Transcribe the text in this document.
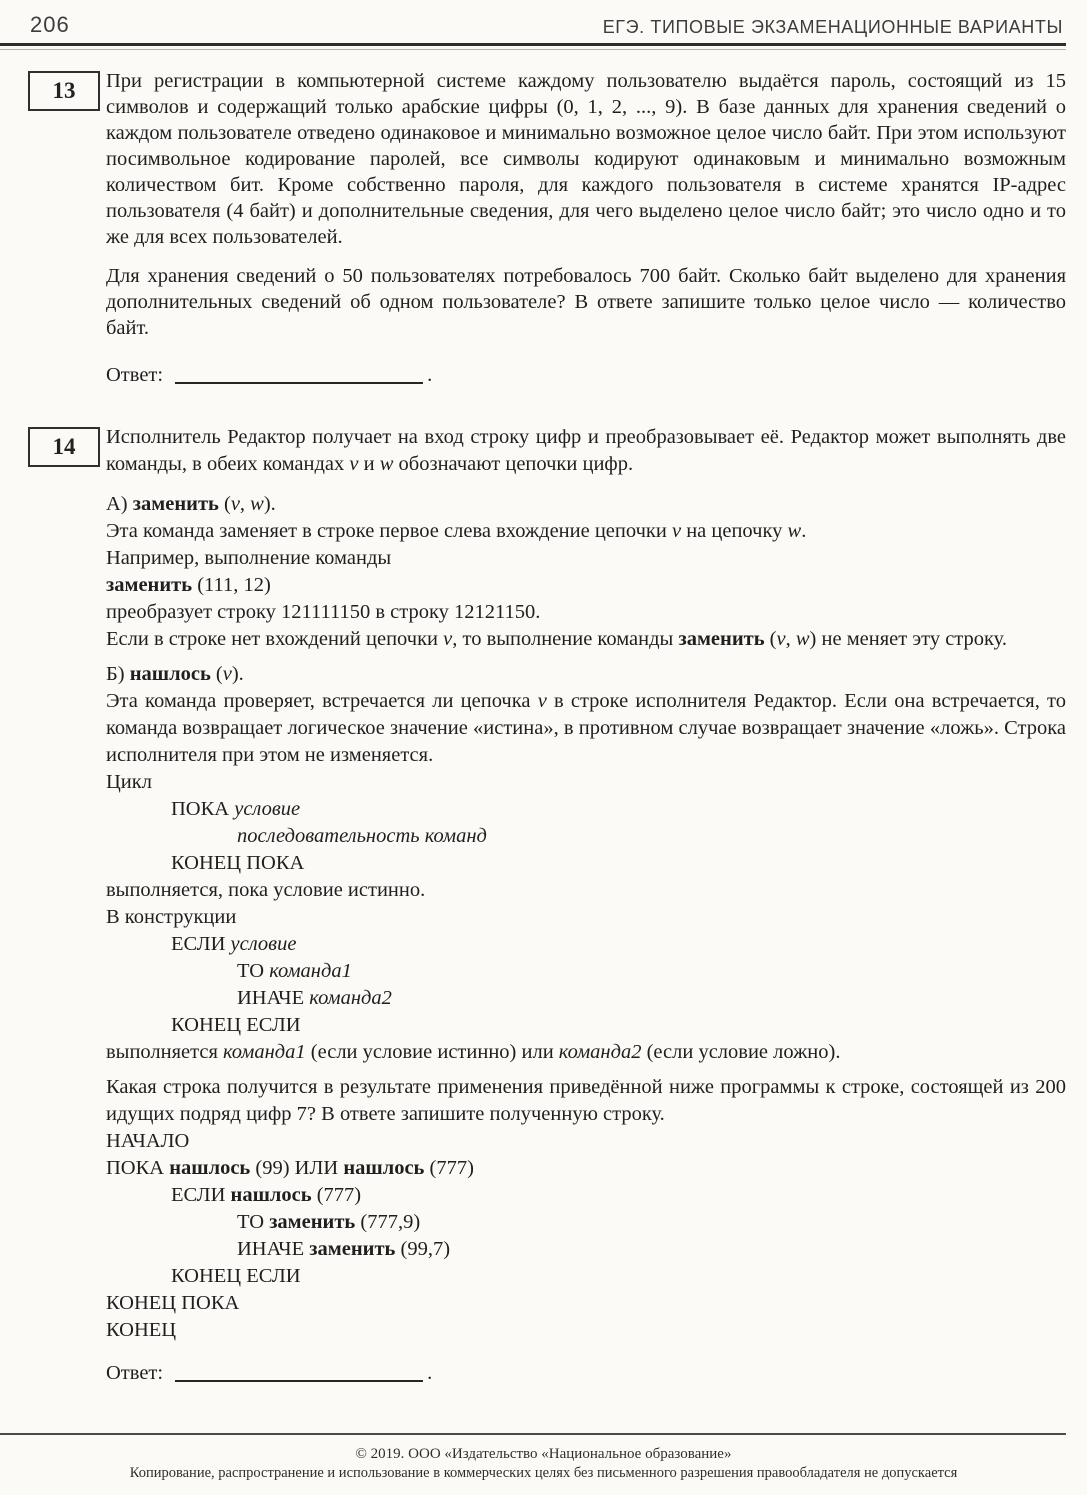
206	ЕГЭ. ТИПОВЫЕ ЭКЗАМЕНАЦИОННЫЕ ВАРИАНТЫ
13	При регистрации в компьютерной системе каждому пользователю выдаётся пароль, состоящий из 15 символов и содержащий только арабские цифры (0, 1, 2, ..., 9). В базе данных для хранения сведений о каждом пользователе отведено одинаковое и минимально возможное целое число байт. При этом используют посимвольное кодирование паролей, все символы кодируют одинаковым и минимально возможным количеством бит. Кроме собственно пароля, для каждого пользователя в системе хранятся IP-адрес пользователя (4 байт) и дополнительные сведения, для чего выделено целое число байт; это число одно и то же для всех пользователей.

Для хранения сведений о 50 пользователях потребовалось 700 байт. Сколько байт выделено для хранения дополнительных сведений об одном пользователе? В ответе запишите только целое число — количество байт.

Ответ:	.

14	Исполнитель Редактор получает на вход строку цифр и преобразовывает её. Редактор может выполнять две команды, в обеих командах v и w обозначают цепочки цифр.

А) заменить (v, w).

Эта команда заменяет в строке первое слева вхождение цепочки v на цепочку w.

Например, выполнение команды
заменить (111, 12)
преобразует строку 121111150 в строку 12121150.

Если в строке нет вхождений цепочки v, то выполнение команды заменить (v, w) не меняет эту строку.

Б) нашлось (v).

Эта команда проверяет, встречается ли цепочка v в строке исполнителя Редактор. Если она встречается, то команда возвращает логическое значение «истина», в противном случае возвращает значение «ложь». Строка исполнителя при этом не изменяется.

Цикл
ПОКА условие
последовательность команд
КОНЕЦ ПОКА
выполняется, пока условие истинно.
В конструкции
ЕСЛИ условие
ТО команда1
ИНАЧЕ команда2
КОНЕЦ ЕСЛИ

выполняется команда1 (если условие истинно) или команда2 (если условие ложно).

Какая строка получится в результате применения приведённой ниже программы к строке, состоящей из 200 идущих подряд цифр 7? В ответе запишите полученную строку.

НАЧАЛО
ПОКА нашлось (99) ИЛИ нашлось (777)
ЕСЛИ нашлось (777)
ТО заменить (777,9)
ИНАЧЕ заменить (99,7)
КОНЕЦ ЕСЛИ
КОНЕЦ ПОКА
КОНЕЦ

Ответ:	.

© 2019. ООО «Издательство «Национальное образование»
Копирование, распространение и использование в коммерческих целях без письменного разрешения правообладателя не допускается
